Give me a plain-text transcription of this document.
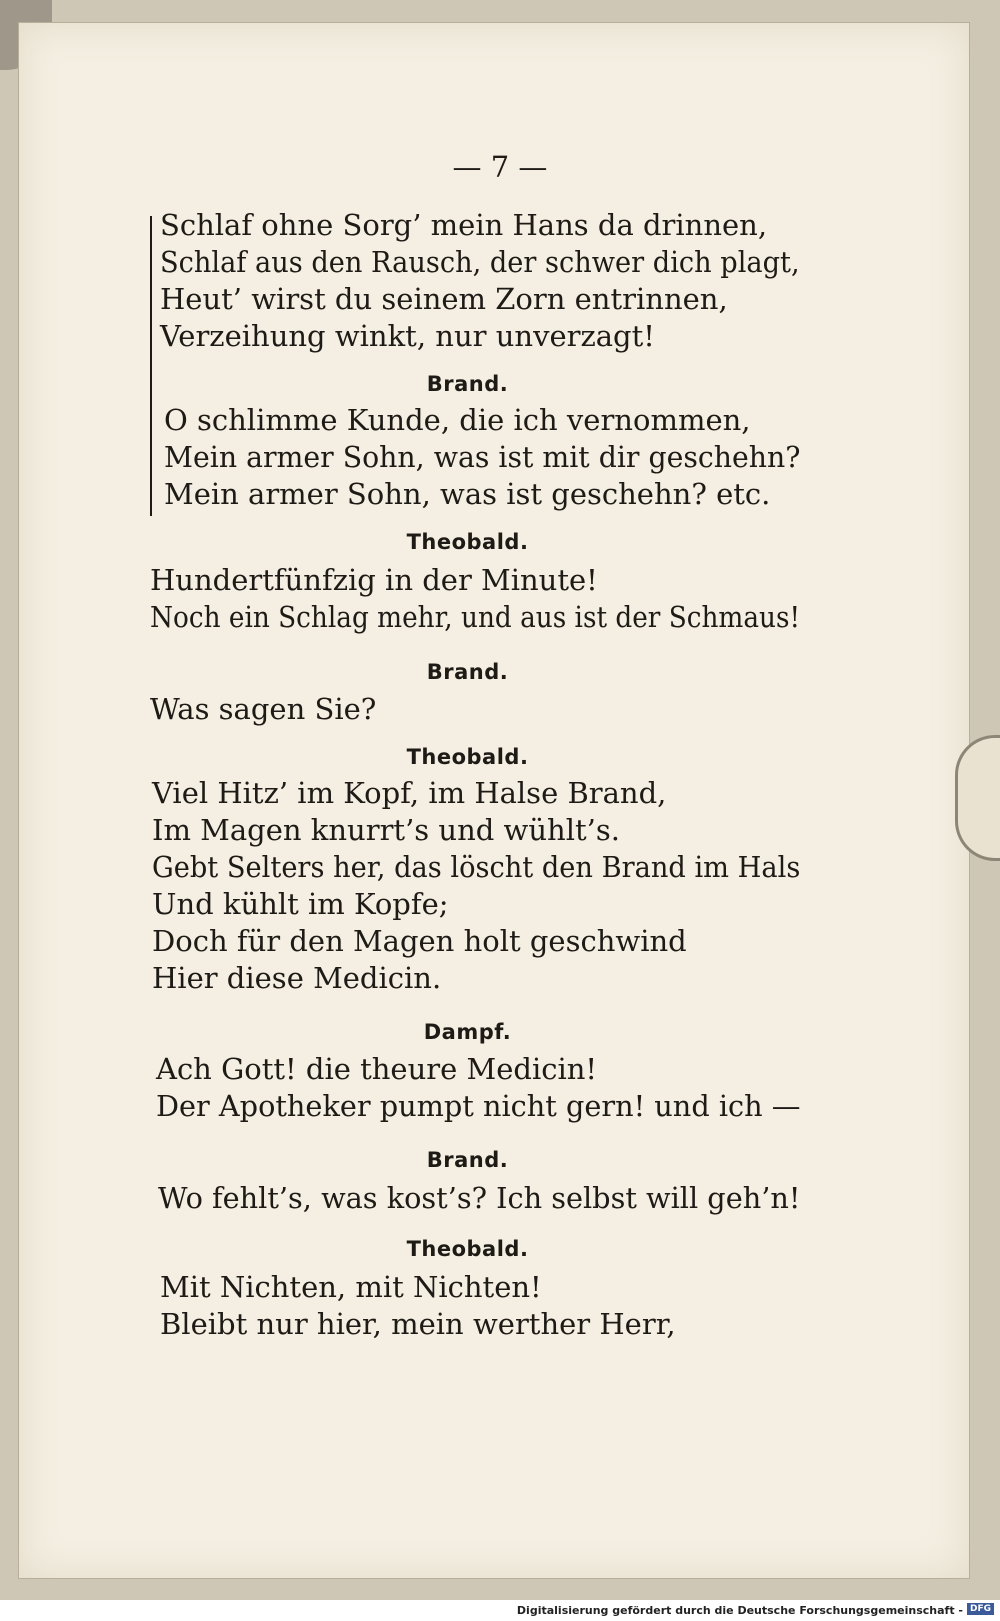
— 7 —
Schlaf ohne Sorg’ mein Hans da drinnen,
Schlaf aus den Rausch, der schwer dich plagt,
Heut’ wirst du seinem Zorn entrinnen,
Verzeihung winkt, nur unverzagt!
Brand.
O schlimme Kunde, die ich vernommen,
Mein armer Sohn, was ist mit dir geschehn?
Mein armer Sohn, was ist geschehn? etc.
Theobald.
Hundertfünfzig in der Minute!
Noch ein Schlag mehr, und aus ist der Schmaus!
Brand.
Was sagen Sie?
Theobald.
Viel Hitz’ im Kopf, im Halse Brand,
Im Magen knurrt’s und wühlt’s.
Gebt Selters her, das löscht den Brand im Hals
Und kühlt im Kopfe;
Doch für den Magen holt geschwind
Hier diese Medicin.
Dampf.
Ach Gott! die theure Medicin!
Der Apotheker pumpt nicht gern! und ich —
Brand.
Wo fehlt’s, was kost’s? Ich selbst will geh’n!
Theobald.
Mit Nichten, mit Nichten!
Bleibt nur hier, mein werther Herr,
Digitalisierung gefördert durch die Deutsche Forschungsgemeinschaft - DFG
